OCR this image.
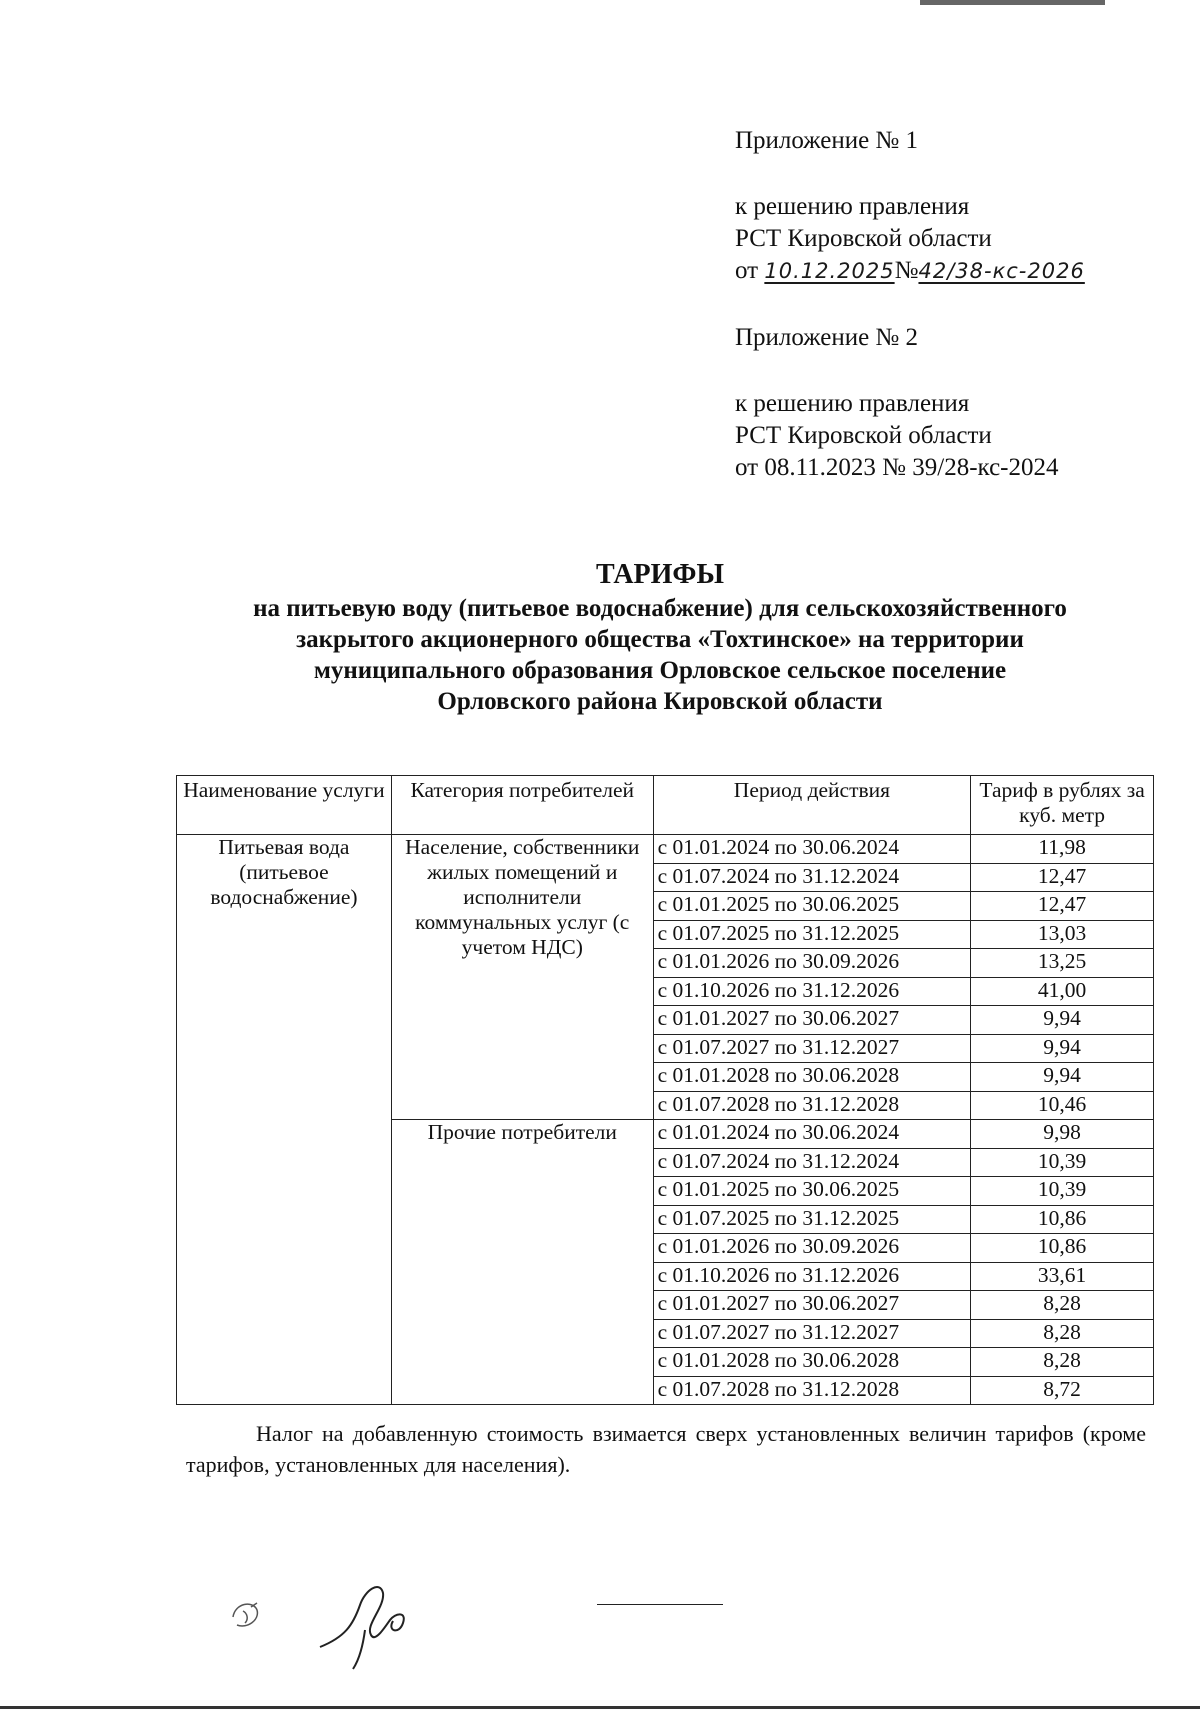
Приложение № 1
к решению правления
РСТ Кировской области
от 10.12.2025№42/38-кс-2026
Приложение № 2
к решению правления
РСТ Кировской области
от 08.11.2023 № 39/28-кс-2024
ТАРИФЫ
на питьевую воду (питьевое водоснабжение) для сельскохозяйственного
закрытого акционерного общества «Тохтинское» на территории
муниципального образования Орловское сельское поселение
Орловского района Кировской области
Наименование услуги	Категория потребителей	Период действия	Тариф в рублях за куб. метр
Питьевая вода (питьевое водоснабжение)	Население, собственники жилых помещений и исполнители коммунальных услуг (с учетом НДС)	с 01.01.2024 по 30.06.2024	11,98
		с 01.07.2024 по 31.12.2024	12,47
		с 01.01.2025 по 30.06.2025	12,47
		с 01.07.2025 по 31.12.2025	13,03
		с 01.01.2026 по 30.09.2026	13,25
		с 01.10.2026 по 31.12.2026	41,00
		с 01.01.2027 по 30.06.2027	9,94
		с 01.07.2027 по 31.12.2027	9,94
		с 01.01.2028 по 30.06.2028	9,94
		с 01.07.2028 по 31.12.2028	10,46
	Прочие потребители	с 01.01.2024 по 30.06.2024	9,98
		с 01.07.2024 по 31.12.2024	10,39
		с 01.01.2025 по 30.06.2025	10,39
		с 01.07.2025 по 31.12.2025	10,86
		с 01.01.2026 по 30.09.2026	10,86
		с 01.10.2026 по 31.12.2026	33,61
		с 01.01.2027 по 30.06.2027	8,28
		с 01.07.2027 по 31.12.2027	8,28
		с 01.01.2028 по 30.06.2028	8,28
		с 01.07.2028 по 31.12.2028	8,72
Налог на добавленную стоимость взимается сверх установленных величин тарифов (кроме тарифов, установленных для населения).
